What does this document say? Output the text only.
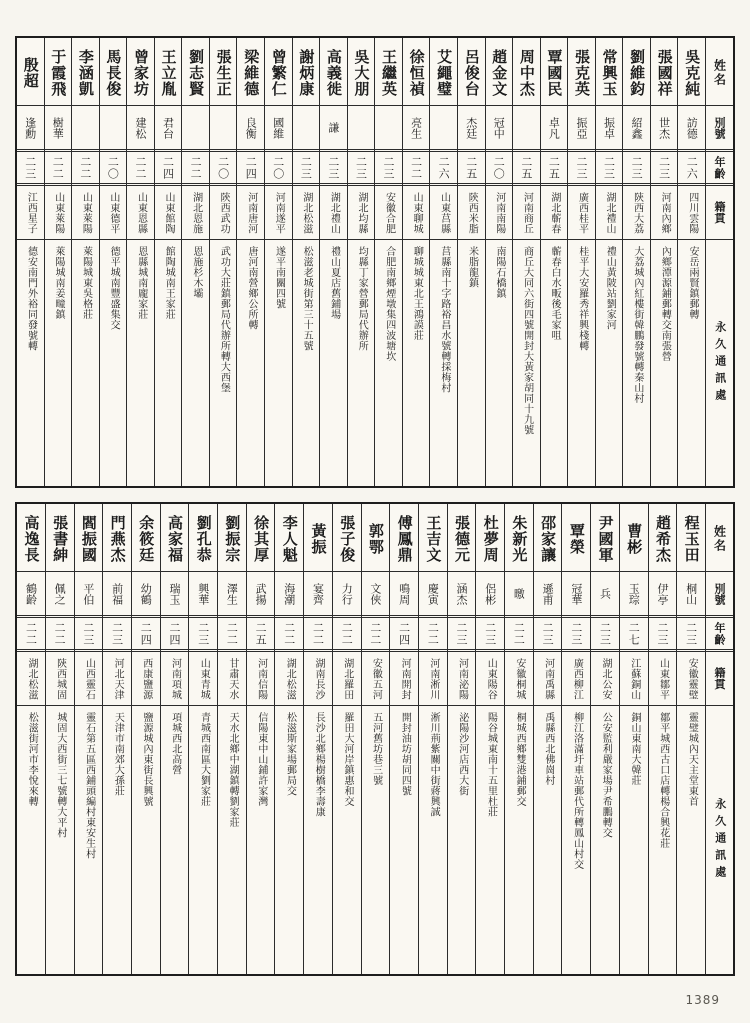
姓名
別號
年齡
籍貫
永久通訊處
吳克純
訪德
二六
四川雲陽
安岳兩賢鎮郵轉
張國祥
世杰
二三
河南內鄉
內鄉潭源鋪郵轉交南張營
劉維鈞
紹鑫
二三
陝西大荔
大荔城內紅樓街韓鵬發號轉秦山村
常興玉
振卓
二三
湖北禮山
禮山黃陂站劉家河
張克英
振亞
二三
廣西桂平
桂平大安羅秀祥興棧轉
覃國民
卓凡
二五
湖北蘄春
蘄春白水畈後毛家咀
周中杰
二五
河南商丘
商丘大同六街四號開封大黃家胡同十九號
趙金文
冠中
二〇
河南南陽
南陽石橋鎮
呂俊台
杰廷
二五
陝西米脂
米脂龍鎮
艾繩璧
二六
山東莒縣
莒縣南十字路裕昌水號轉採梅村
徐恒禎
亮生
二二
山東聊城
聊城城東北王鴻謨莊
王繼英
二三
安徽合肥
合肥南鄉煙墩集四波塘坎
吳大朋
二三
湖北均縣
均縣丁家營郵局代辦所
高義徙
謙
二三
湖北禮山
禮山夏店舊鋪場
謝炳康
二三
湖北松滋
松滋老城街第三十五號
曾繁仁
國維
二〇
河南遂平
遂平南關四號
梁維德
良衡
二四
河南唐河
唐河南營鄉公所轉
張生正
二〇
陝西武功
武功大莊鎮郵局代辦所轉大西堡
劉志賢
二二
湖北恩施
恩施杉木壩
王立胤
君台
二四
山東館陶
館陶城南王家莊
曾家坊
建松
二二
山東恩縣
恩縣城南龐家莊
馬長俊
二〇
山東德平
德平城南豐盛集交
李涵凱
二二
山東萊陽
萊陽城東吳格莊
于霞飛
樹華
二二
山東萊陽
萊陽城南姜疃鎮
殷超
逢勳
二三
江西星子
德安南門外裕同發號轉
姓名
別號
年齡
籍貫
永久通訊處
程玉田
桐山
二三
安徽靈璧
靈璧城內天主堂東首
趙希杰
伊亭
二三
山東鄒平
鄒平城西古口店轉楊合興花莊
曹彬
玉琮
二七
江蘇銅山
銅山東南大韓莊
尹國軍
兵
二三
湖北公安
公安監利嚴家場尹希鵬轉交
覃榮
冠華
二三
廣西柳江
柳江洛滿圩車站郵代所轉鳳山村交
邵家讓
遜甫
二三
河南禹縣
禹縣西北佛崗村
朱新光
曒
二二
安徽桐城
桐城西鄉雙港鋪郵交
杜夢周
侶彬
二三
山東陽谷
陽谷城東南十五里杜莊
張德元
涵杰
二三
河南泌陽
泌陽沙河店西大街
王吉文
慶寅
二二
河南淅川
淅川荊紫關中街蔣興誠
傅鳳鼎
鳴周
二四
河南開封
開封油坊胡同四號
郭鄂
文俠
二二
安徽五河
五河舊坊巷三號
張子俊
力行
二二
湖北羅田
羅田大河岸鎮惠和交
黃振
宴齊
二二
湖南長沙
長沙北鄉楊樹橋李壽康
李人魁
海潮
二二
湖北松滋
松滋斯家場郵局交
徐其厚
武揚
二五
河南信陽
信陽東中山鋪許家灣
劉振宗
澤生
二二
甘肅天水
天水北鄉中湖鎮轉劉家莊
劉孔恭
興華
二三
山東青城
青城西南區大劉家莊
高家福
瑞玉
二四
河南項城
項城西北高營
余筱廷
幼鶴
二四
西康鹽源
鹽源城內東街長興號
門燕杰
前福
二三
河北天津
天津市南郊大孫莊
閻振國
平伯
二三
山西靈石
靈石第五區西鋪頭編村東安生村
張書紳
佩之
二二
陝西城固
城固大西街三七號轉大平村
高逸長
鶴齡
二二
湖北松滋
松滋街河市李悅來轉
1389
